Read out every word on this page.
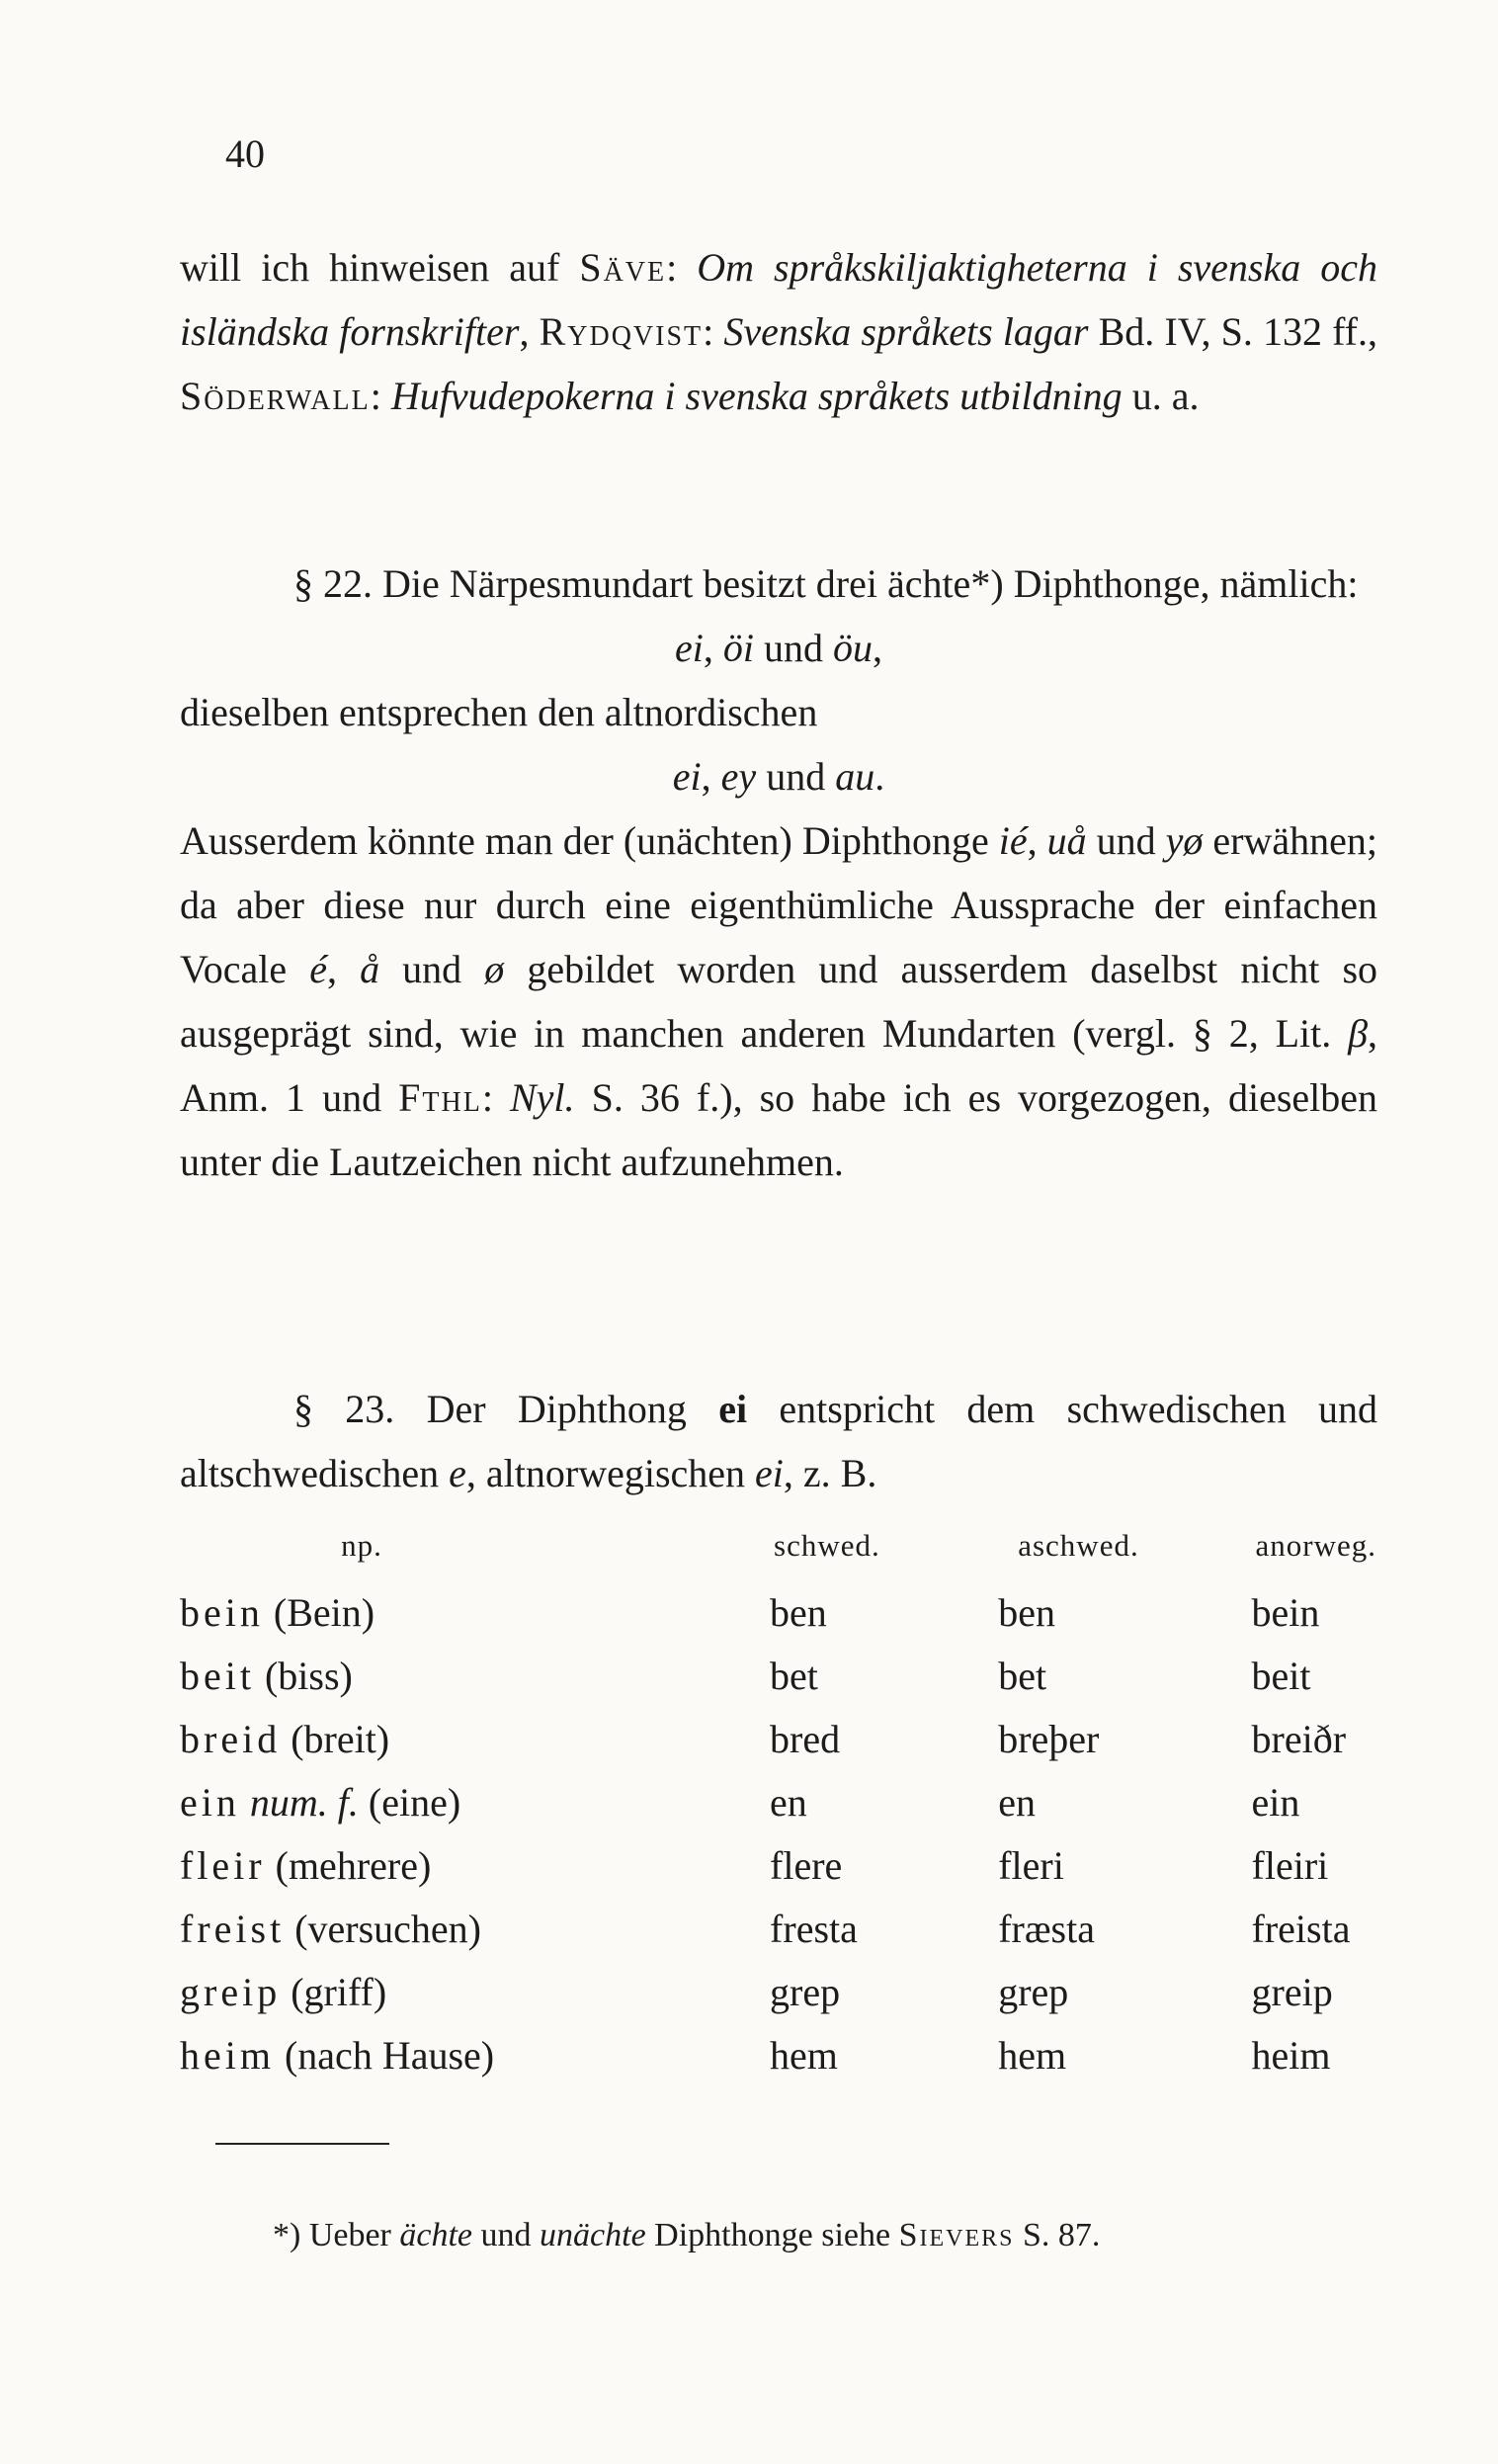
40

will ich hinweisen auf Säve: Om språkskiljaktigheterna i svenska och isländska fornskrifter, Rydqvist: Svenska språkets lagar Bd. IV, S. 132 ff., Söderwall: Hufvudepokerna i svenska språkets utbildning u. a.

§ 22. Die Närpesmundart besitzt drei ächte*) Diphthonge, nämlich:

ei, öi und öu,

dieselben entsprechen den altnordischen

ei, ey und au.

Ausserdem könnte man der (unächten) Diphthonge ié, uå und yø erwähnen; da aber diese nur durch eine eigenthümliche Aussprache der einfachen Vocale é, å und ø gebildet worden und ausserdem daselbst nicht so ausgeprägt sind, wie in manchen anderen Mundarten (vergl. § 2, Lit. β, Anm. 1 und Fthl: Nyl. S. 36 f.), so habe ich es vorgezogen, dieselben unter die Lautzeichen nicht aufzunehmen.

§ 23. Der Diphthong ei entspricht dem schwedischen und altschwedischen e, altnorwegischen ei, z. B.

np.	schwed.	aschwed.	anorweg.
bein (Bein)	ben	ben	bein
beit (biss)	bet	bet	beit
breid (breit)	bred	breþer	breiðr
ein num. f. (eine)	en	en	ein
fleir (mehrere)	flere	fleri	fleiri
freist (versuchen)	fresta	fræsta	freista
greip (griff)	grep	grep	greip
heim (nach Hause)	hem	hem	heim
*) Ueber ächte und unächte Diphthonge siehe Sievers S. 87.
